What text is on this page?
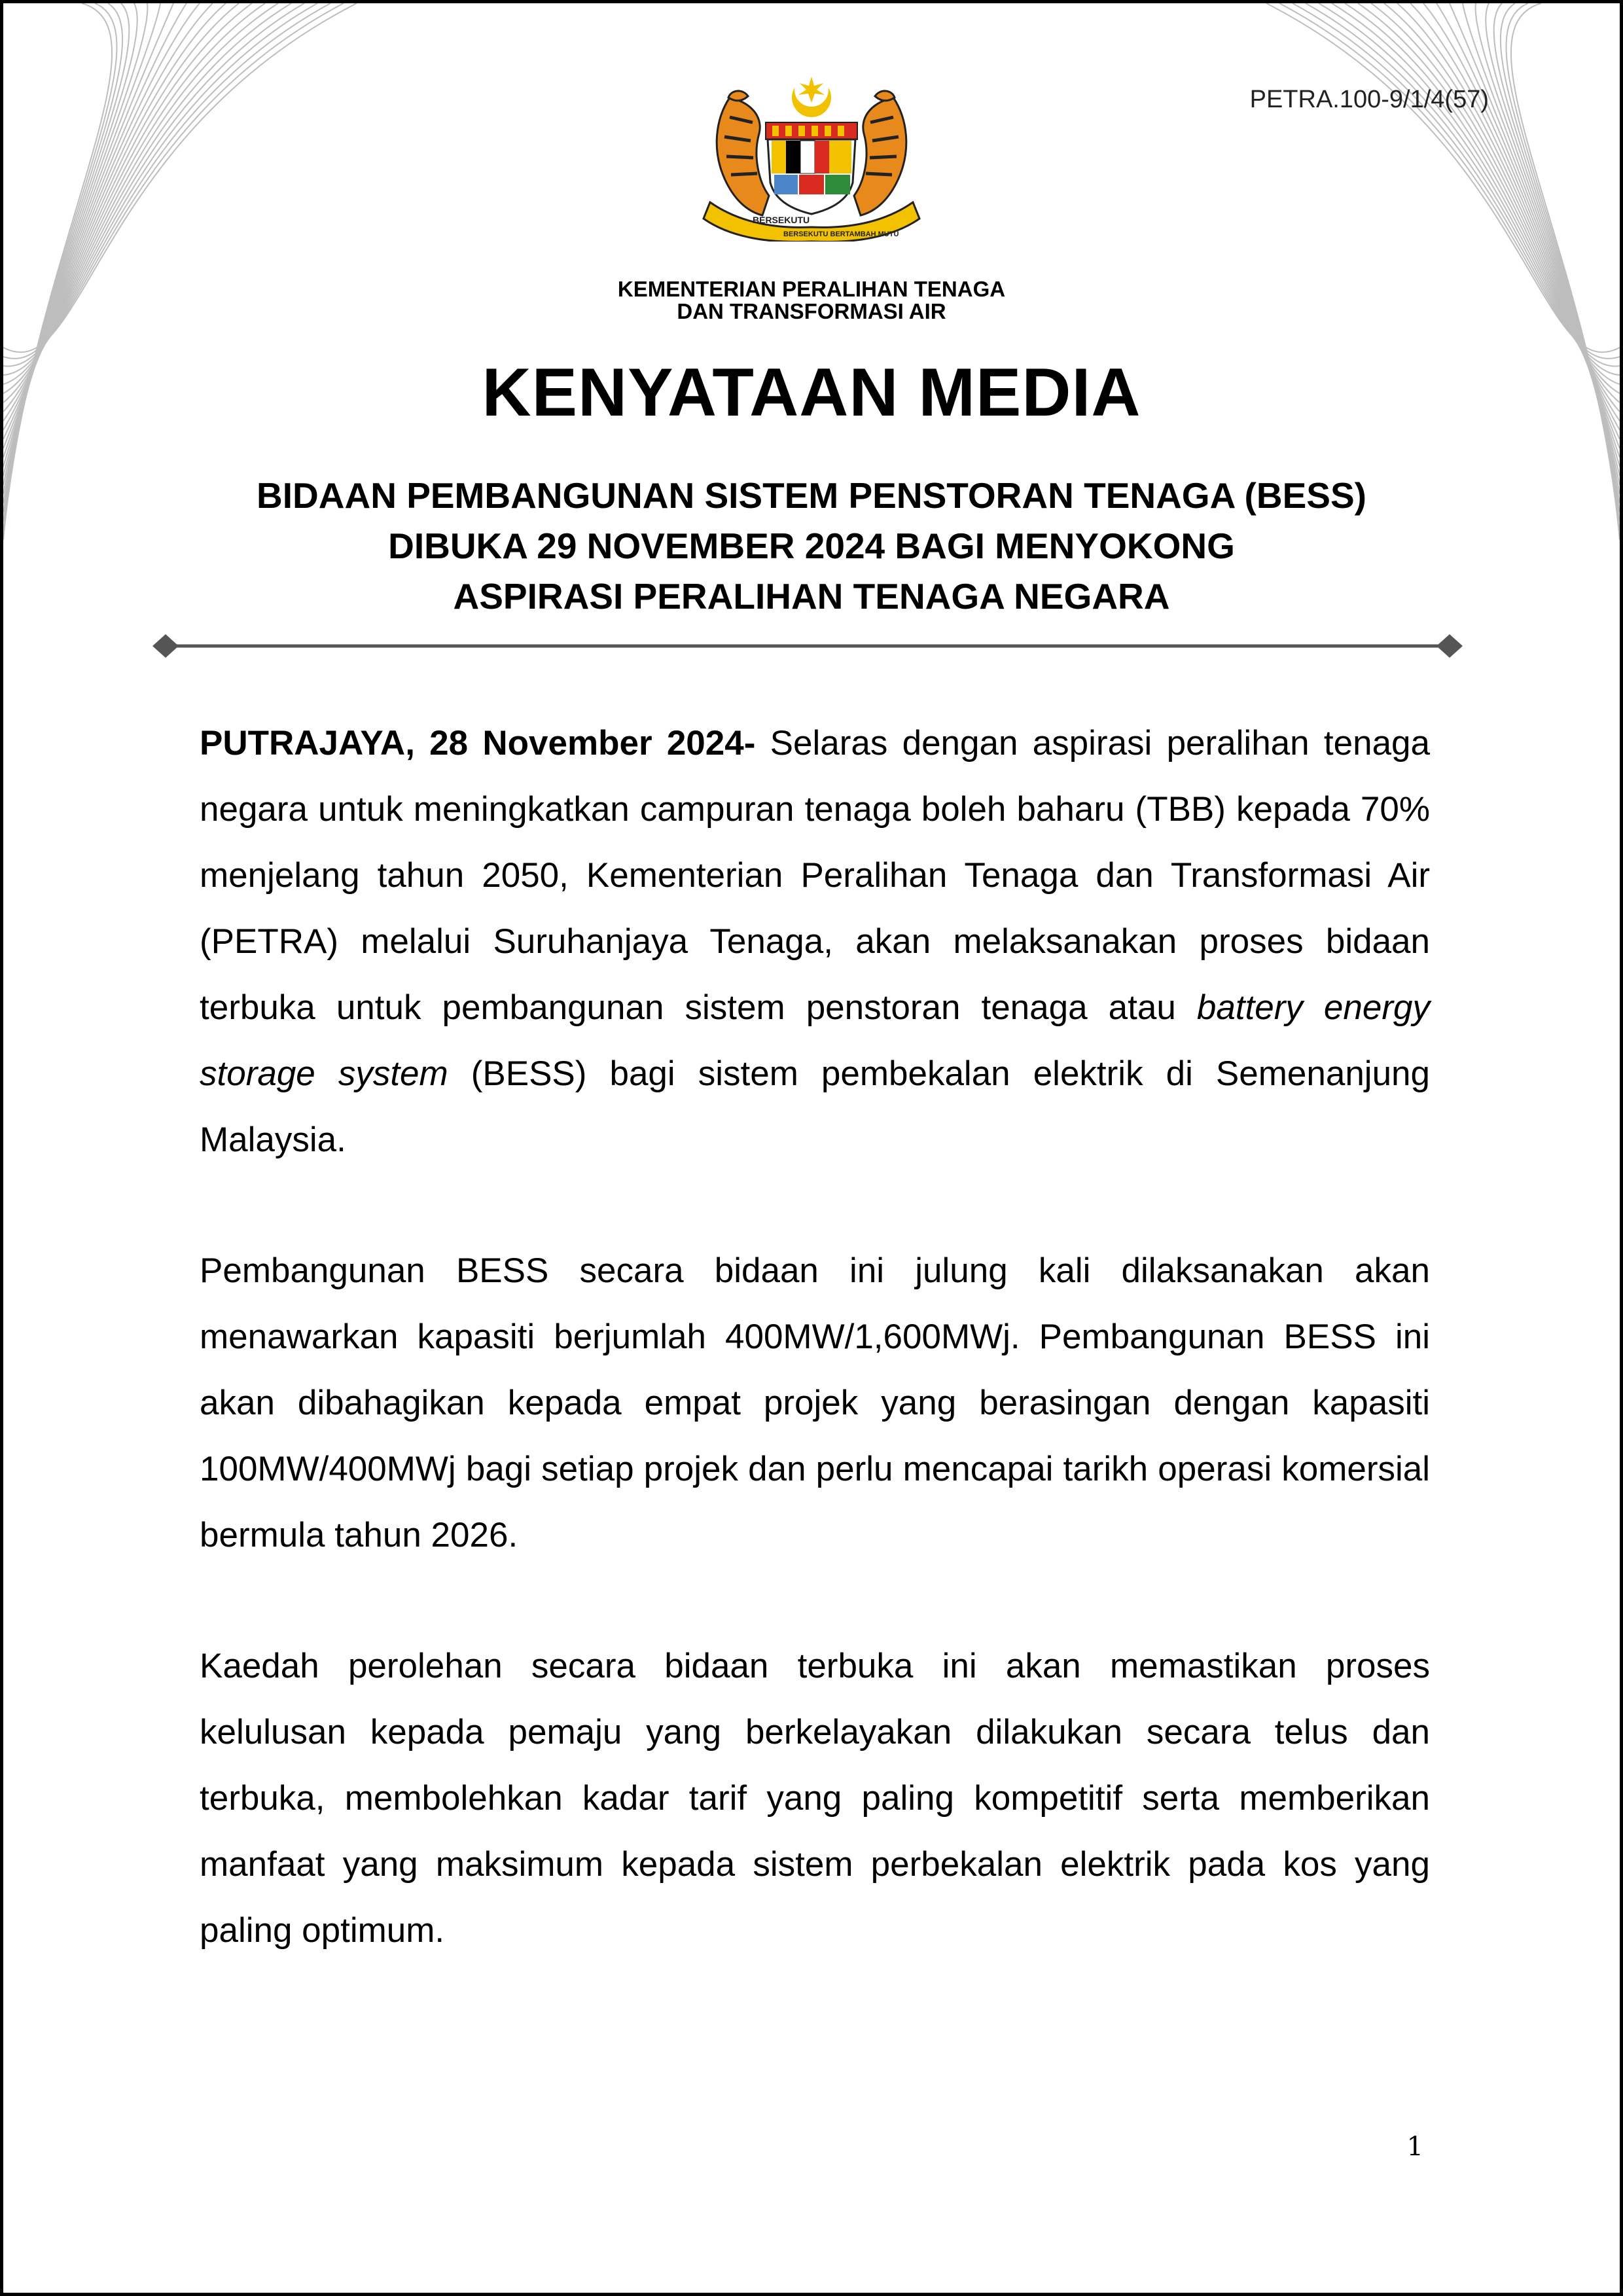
PETRA.100-9/1/4(57)
BERSEKUTU
BERSEKUTU BERTAMBAH MUTU
KEMENTERIAN PERALIHAN TENAGA
DAN TRANSFORMASI AIR
KENYATAAN MEDIA
BIDAAN PEMBANGUNAN SISTEM PENSTORAN TENAGA (BESS)
DIBUKA 29 NOVEMBER 2024 BAGI MENYOKONG
ASPIRASI PERALIHAN TENAGA NEGARA

PUTRAJAYA, 28 November 2024- Selaras dengan aspirasi peralihan tenaga negara untuk meningkatkan campuran tenaga boleh baharu (TBB) kepada 70% menjelang tahun 2050, Kementerian Peralihan Tenaga dan Transformasi Air (PETRA) melalui Suruhanjaya Tenaga, akan melaksanakan proses bidaan terbuka untuk pembangunan sistem penstoran tenaga atau battery energy storage system (BESS) bagi sistem pembekalan elektrik di Semenanjung Malaysia.

Pembangunan BESS secara bidaan ini julung kali dilaksanakan akan menawarkan kapasiti berjumlah 400MW/1,600MWj. Pembangunan BESS ini akan dibahagikan kepada empat projek yang berasingan dengan kapasiti 100MW/400MWj bagi setiap projek dan perlu mencapai tarikh operasi komersial bermula tahun 2026.

Kaedah perolehan secara bidaan terbuka ini akan memastikan proses kelulusan kepada pemaju yang berkelayakan dilakukan secara telus dan terbuka, membolehkan kadar tarif yang paling kompetitif serta memberikan manfaat yang maksimum kepada sistem perbekalan elektrik pada kos yang paling optimum.

1
